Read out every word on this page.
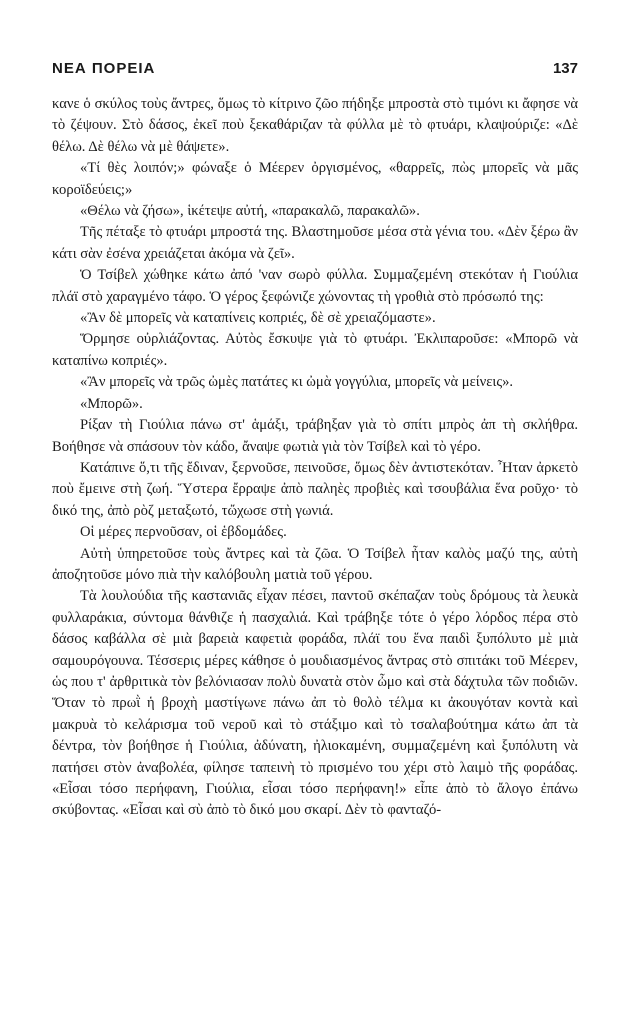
ΝΕΑ ΠΟΡΕΙΑ	137

κανε ὁ σκύλος τοὺς ἄντρες, ὅμως τὸ κίτρινο ζῶο πήδηξε μπροστὰ στὸ τιμόνι κι ἄφησε νὰ τὸ ζέψουν. Στὸ δάσος, ἐκεῖ ποὺ ξεκαθάριζαν τὰ φύλλα μὲ τὸ φτυάρι, κλαψούριζε: «Δὲ θέλω. Δὲ θέλω νὰ μὲ θάψετε».

«Τί θὲς λοιπόν;» φώναξε ὁ Μέερεν ὀργισμένος, «θαρρεῖς, πὼς μπορεῖς νὰ μᾶς κοροϊδεύεις;»

«Θέλω νὰ ζήσω», ἱκέτεψε αὐτή, «παρακαλῶ, παρακαλῶ».

Τῆς πέταξε τὸ φτυάρι μπροστά της. Βλαστημοῦσε μέσα στὰ γένια του. «Δὲν ξέρω ἂν κάτι σὰν ἐσένα χρειάζεται ἀκόμα νὰ ζεῖ».

Ὁ Τσίβελ χώθηκε κάτω ἀπό 'ναν σωρὸ φύλλα. Συμμαζεμένη στεκόταν ἡ Γιούλια πλάϊ στὸ χαραγμένο τάφο. Ὁ γέρος ξεφώνιζε χώνοντας τὴ γροθιὰ στὸ πρόσωπό της:

«Ἂν δὲ μπορεῖς νὰ καταπίνεις κοπριές, δὲ σὲ χρειαζόμαστε».

Ὅρμησε οὐρλιάζοντας. Αὐτὸς ἔσκυψε γιὰ τὸ φτυάρι. Ἐκλιπαροῦσε: «Μπορῶ νὰ καταπίνω κοπριές».

«Ἂν μπορεῖς νὰ τρῶς ὠμὲς πατάτες κι ὠμὰ γογγύλια, μπορεῖς νὰ μείνεις».

«Μπορῶ».

Ρίξαν τὴ Γιούλια πάνω στ' ἁμάξι, τράβηξαν γιὰ τὸ σπίτι μπρὸς ἀπ τὴ σκλήθρα. Βοήθησε νὰ σπάσουν τὸν κάδο, ἄναψε φωτιὰ γιὰ τὸν Τσίβελ καὶ τὸ γέρο.

Κατάπινε ὅ,τι τῆς ἔδιναν, ξερνοῦσε, πεινοῦσε, ὅμως δὲν ἀντιστεκόταν. Ἦταν ἀρκετὸ ποὺ ἔμεινε στὴ ζωή. Ὕστερα ἔρραψε ἀπὸ παληὲς προβιὲς καὶ τσουβάλια ἕνα ροῦχο· τὸ δικό της, ἀπὸ ρὸζ μεταξωτό, τὤχωσε στὴ γωνιά.

Οἱ μέρες περνοῦσαν, οἱ ἑβδομάδες.

Αὐτὴ ὑπηρετοῦσε τοὺς ἄντρες καὶ τὰ ζῶα. Ὁ Τσίβελ ἦταν καλὸς μαζύ της, αὐτὴ ἀποζητοῦσε μόνο πιὰ τὴν καλόβουλη ματιὰ τοῦ γέρου.

Τὰ λουλούδια τῆς καστανιᾶς εἶχαν πέσει, παντοῦ σκέπαζαν τοὺς δρόμους τὰ λευκὰ φυλλαράκια, σύντομα θάνθιζε ἡ πασχαλιά. Καὶ τράβηξε τότε ὁ γέρο λόρδος πέρα στὸ δάσος καβάλλα σὲ μιὰ βαρειὰ καφετιὰ φοράδα, πλάϊ του ἕνα παιδὶ ξυπόλυτο μὲ μιὰ σαμουρόγουνα. Τέσσερις μέρες κάθησε ὁ μουδιασμένος ἄντρας στὸ σπιτάκι τοῦ Μέερεν, ὡς που τ' ἀρθριτικὰ τὸν βελόνιασαν πολὺ δυνατὰ στὸν ὦμο καὶ στὰ δάχτυλα τῶν ποδιῶν. Ὅταν τὸ πρωῒ ἡ βροχὴ μαστίγωνε πάνω ἀπ τὸ θολὸ τέλμα κι ἀκουγόταν κοντὰ καὶ μακρυὰ τὸ κελάρισμα τοῦ νεροῦ καὶ τὸ στάξιμο καὶ τὸ τσαλαβούτημα κάτω ἀπ τὰ δέντρα, τὸν βοήθησε ἡ Γιούλια, ἀδύνατη, ἠλιοκαμένη, συμμαζεμένη καὶ ξυπόλυτη νὰ πατήσει στὸν ἀναβολέα, φίλησε ταπεινὴ τὸ πρισμένο του χέρι στὸ λαιμὸ τῆς φοράδας. «Εἶσαι τόσο περήφανη, Γιούλια, εἶσαι τόσο περήφανη!» εἶπε ἀπὸ τὸ ἄλογο ἐπάνω σκύβοντας. «Εἶσαι καὶ σὺ ἀπὸ τὸ δικό μου σκαρί. Δὲν τὸ φανταζό-
